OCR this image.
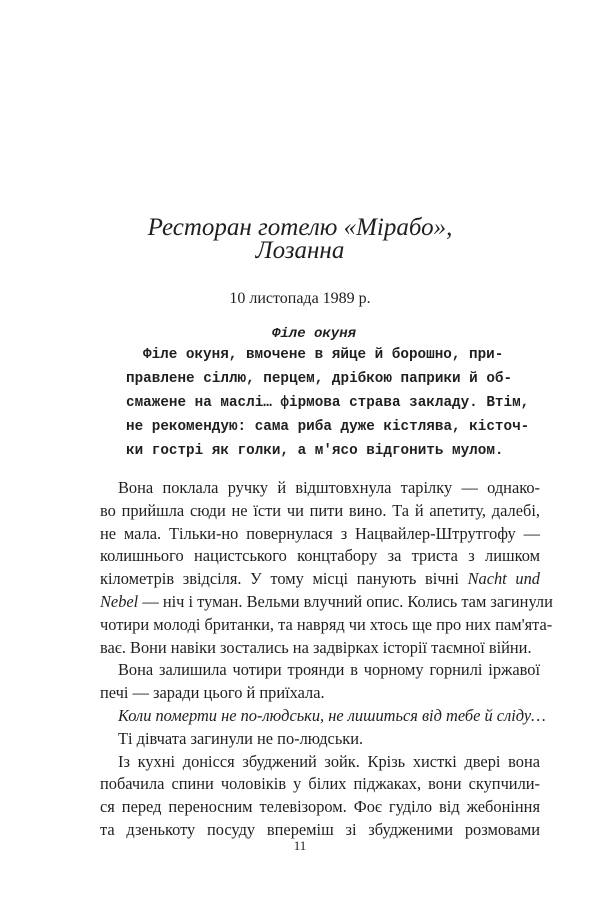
Ресторан готелю «Мірабо»,
Лозанна
10 листопада 1989 р.
Філе окуня
Філе окуня, вмочене в яйце й борошно, при-
правлене сіллю, перцем, дрібкою паприки й об-
смажене на маслі… фірмова страва закладу. Втім,
не рекомендую: сама риба дуже кістлява, кісточ-
ки гострі як голки, а м'ясо відгонить мулом.
Вона поклала ручку й відштовхнула тарілку — однако-
во прийшла сюди не їсти чи пити вино. Та й апетиту, далебі,
не мала. Тільки-но повернулася з Нацвайлер-Штрутгофу —
колишнього нацистського концтабору за триста з лишком
кілометрів звідсіля. У тому місці панують вічні Nacht und
Nebel — ніч і туман. Вельми влучний опис. Колись там загинули
чотири молоді британки, та навряд чи хтось ще про них пам'ята-
ває. Вони навіки зостались на задвірках історії таємної війни.
Вона залишила чотири троянди в чорному горнилі іржавої
печі — заради цього й приїхала.
Коли померти не по-людськи, не лишиться від тебе й сліду…
Ті дівчата загинули не по-людськи.
Із кухні донісся збуджений зойк. Крізь хисткі двері вона
побачила спини чоловіків у білих піджаках, вони скупчили-
ся перед переносним телевізором. Фоє гуділо від жебоніння
та дзенькоту посуду впереміш зі збудженими розмовами
11
